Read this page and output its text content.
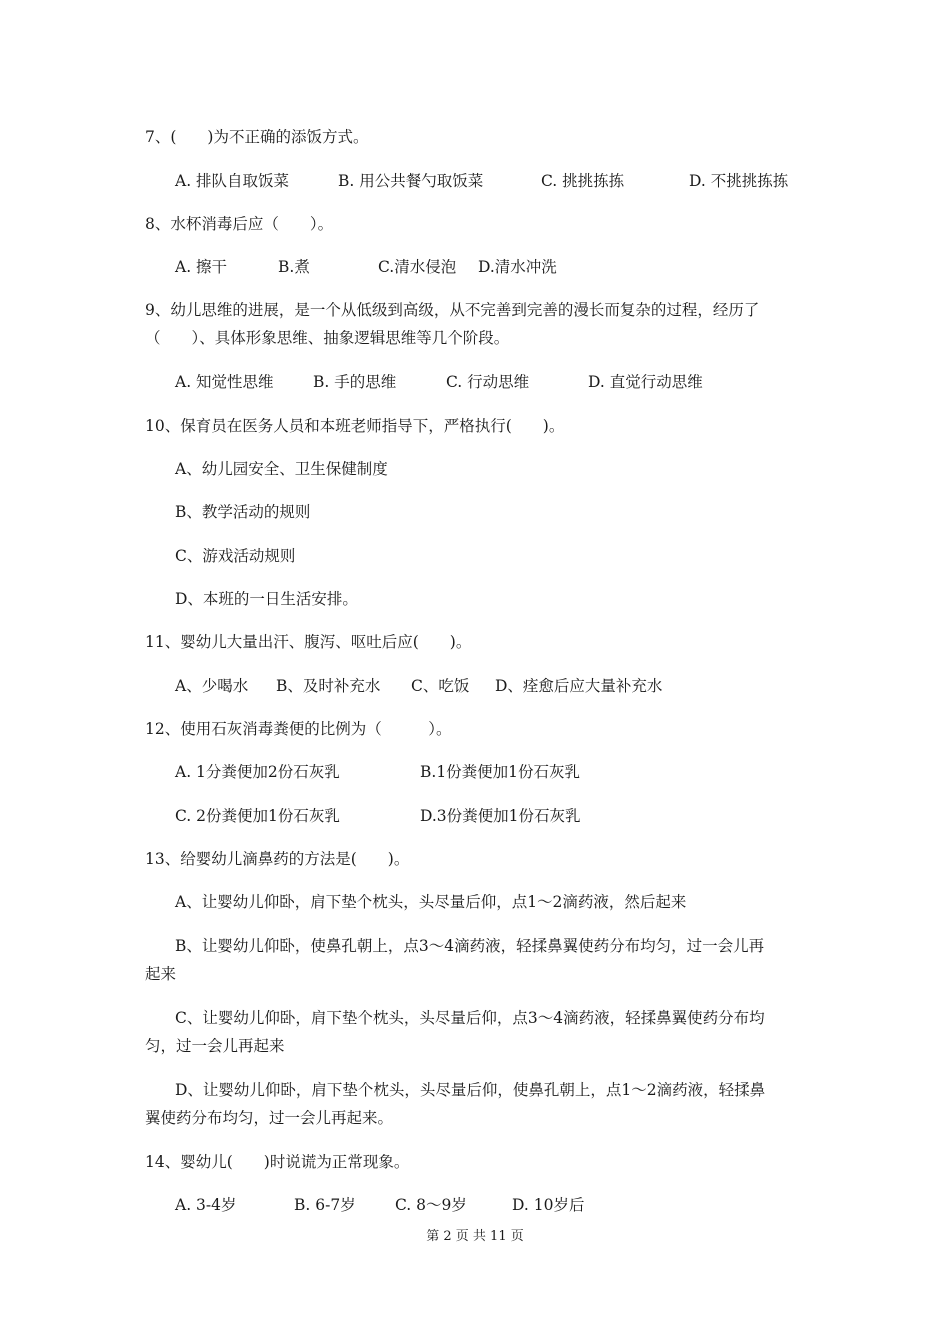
7、(　　)为不正确的添饭方式。
A. 排队自取饭菜	B. 用公共餐勺取饭菜	C. 挑挑拣拣	D. 不挑挑拣拣
8、水杯消毒后应（　　）。
A. 擦干	B.煮	C.清水侵泡 D.清水冲洗
9、幼儿思维的进展，是一个从低级到高级，从不完善到完善的漫长而复杂的过程，经历了
（　　）、具体形象思维、抽象逻辑思维等几个阶段。
A. 知觉性思维	B. 手的思维	C. 行动思维	D. 直觉行动思维
10、保育员在医务人员和本班老师指导下，严格执行(　　)。
A、幼儿园安全、卫生保健制度
B、教学活动的规则
C、游戏活动规则
D、本班的一日生活安排。
11、婴幼儿大量出汗、腹泻、呕吐后应(　　)。
A、少喝水 B、及时补充水 C、吃饭 D、痊愈后应大量补充水
12、使用石灰消毒粪便的比例为（　　　）。
A. 1分粪便加2份石灰乳	B.1份粪便加1份石灰乳
C. 2份粪便加1份石灰乳	D.3份粪便加1份石灰乳
13、给婴幼儿滴鼻药的方法是(　　)。
A、让婴幼儿仰卧，肩下垫个枕头，头尽量后仰，点1～2滴药液，然后起来
B、让婴幼儿仰卧，使鼻孔朝上，点3～4滴药液，轻揉鼻翼使药分布均匀，过一会儿再
起来
C、让婴幼儿仰卧，肩下垫个枕头，头尽量后仰，点3～4滴药液，轻揉鼻翼使药分布均
匀，过一会儿再起来
D、让婴幼儿仰卧，肩下垫个枕头，头尽量后仰，使鼻孔朝上，点1～2滴药液，轻揉鼻
翼使药分布均匀，过一会儿再起来。
14、婴幼儿(　　)时说谎为正常现象。
A. 3-4岁	B. 6-7岁	C. 8～9岁	D. 10岁后
第 2 页 共 11 页
